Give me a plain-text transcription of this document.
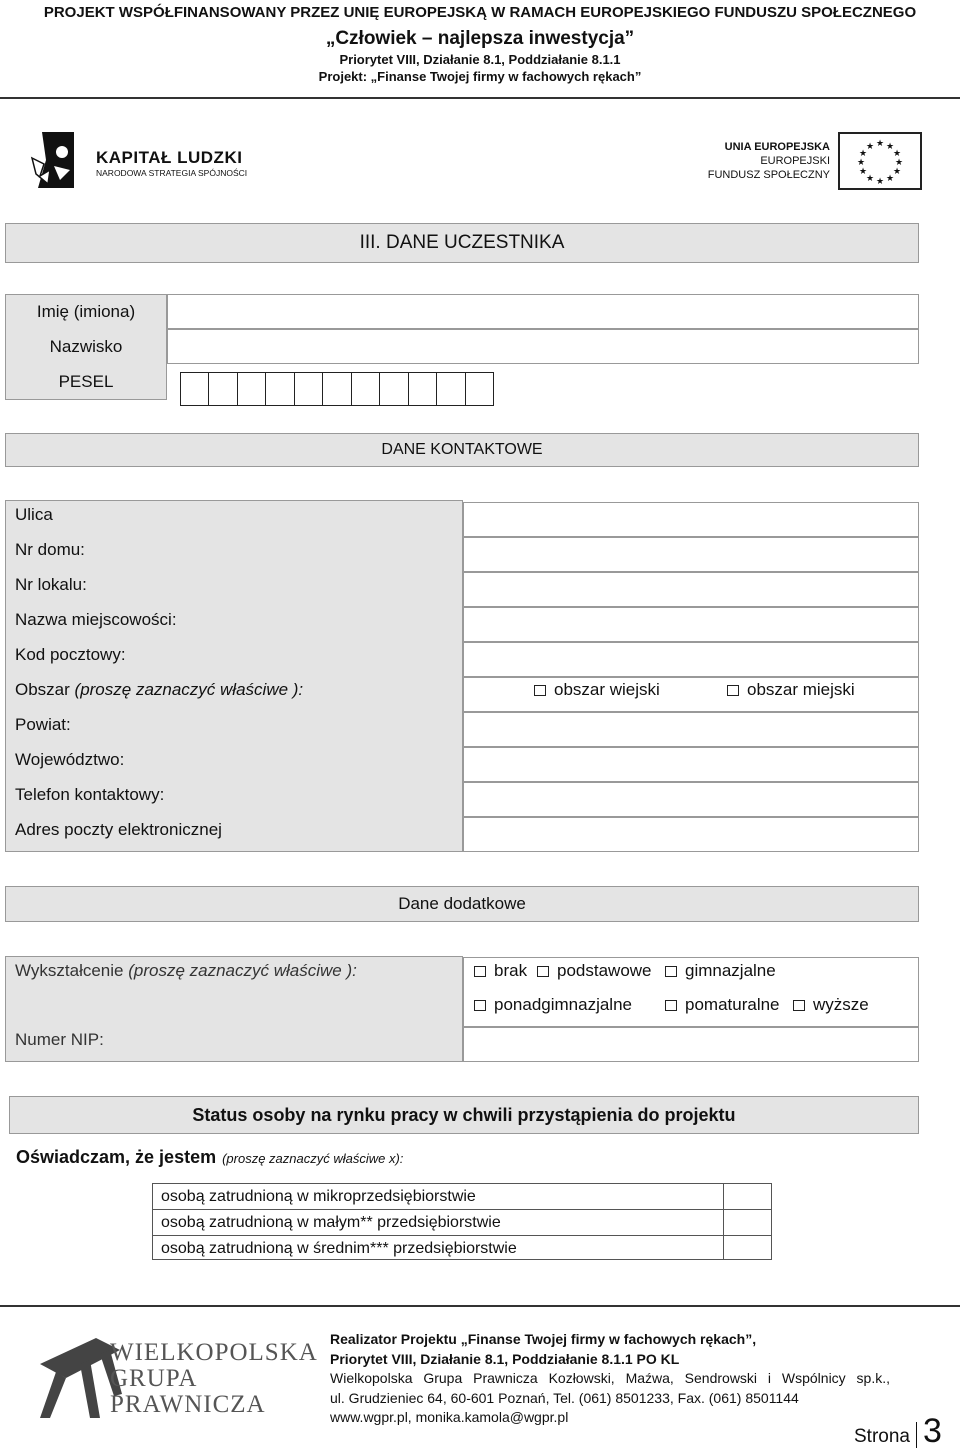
PROJEKT WSPÓŁFINANSOWANY PRZEZ UNIĘ EUROPEJSKĄ W RAMACH EUROPEJSKIEGO FUNDUSZU SPOŁECZNEGO
„Człowiek – najlepsza inwestycja”
Priorytet VIII, Działanie 8.1, Poddziałanie 8.1.1
Projekt: „Finanse Twojej firmy w fachowych rękach”
KAPITAŁ LUDZKI
NARODOWA STRATEGIA SPÓJNOŚCI
UNIA EUROPEJSKA
EUROPEJSKI
FUNDUSZ SPOŁECZNY
★ ★
★
★
★
★
★
★
★
★
★
★
III. DANE UCZESTNIKA
Imię (imiona)
Nazwisko
PESEL
DANE KONTAKTOWE
Ulica
Nr domu:
Nr lokalu:
Nazwa miejscowości:
Kod pocztowy:
Obszar
(proszę zaznaczyć właściwe ):
Powiat:
Województwo:
Telefon kontaktowy:
Adres poczty elektronicznej
obszar wiejski	obszar miejski
Dane dodatkowe
Wykształcenie
(proszę zaznaczyć właściwe ):
Numer NIP:
brak podstawowe gimnazjalne
ponadgimnazjalne	pomaturalne wyższe
Status osoby na rynku pracy w chwili przystąpienia do projektu
Oświadczam, że jestem (proszę zaznaczyć właściwe x):
osobą zatrudnioną w mikroprzedsiębiorstwie
osobą zatrudnioną w małym** przedsiębiorstwie
osobą zatrudnioną w średnim*** przedsiębiorstwie
WIELKOPOLSKA
GRUPA
PRAWNICZA
Realizator Projektu „Finanse Twojej firmy w fachowych rękach”,
Priorytet VIII, Działanie 8.1, Poddziałanie 8.1.1 PO KL
Wielkopolska Grupa Prawnicza Kozłowski, Maźwa, Sendrowski i Wspólnicy sp.k.,
ul. Grudzieniec 64, 60-601 Poznań, Tel. (061) 8501233, Fax. (061) 8501144
www.wgpr.pl, monika.kamola@wgpr.pl
Strona 3
